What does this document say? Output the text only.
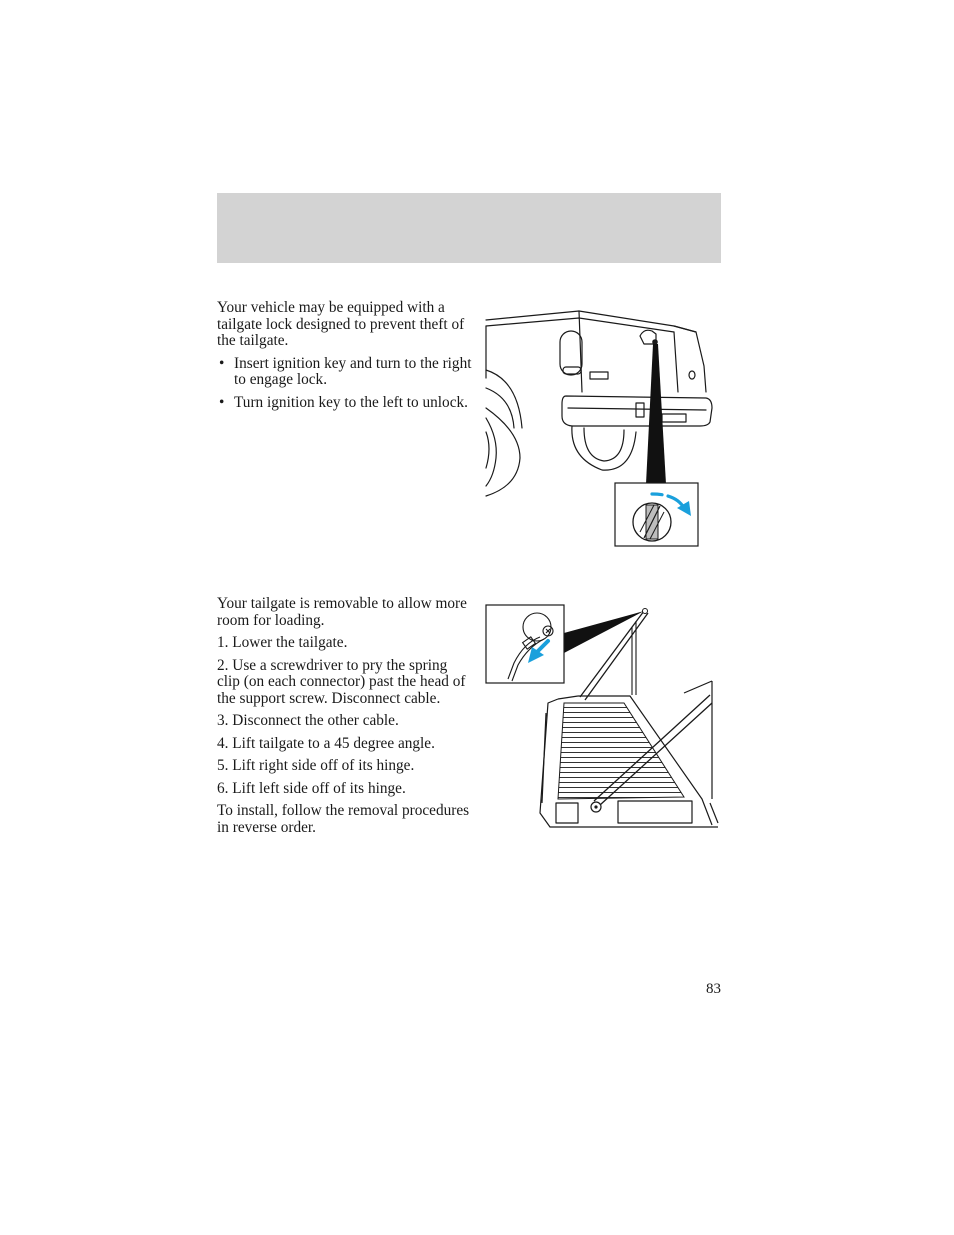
Your vehicle may be equipped with a tailgate lock designed to prevent theft of the tailgate.

• Insert ignition key and turn to the right to engage lock.
• Turn ignition key to the left to unlock.

Your tailgate is removable to allow more room for loading.

1. Lower the tailgate.

2. Use a screwdriver to pry the spring clip (on each connector) past the head of the support screw. Disconnect cable.

3. Disconnect the other cable.

4. Lift tailgate to a 45 degree angle.

5. Lift right side off of its hinge.

6. Lift left side off of its hinge.

To install, follow the removal procedures in reverse order.

83
